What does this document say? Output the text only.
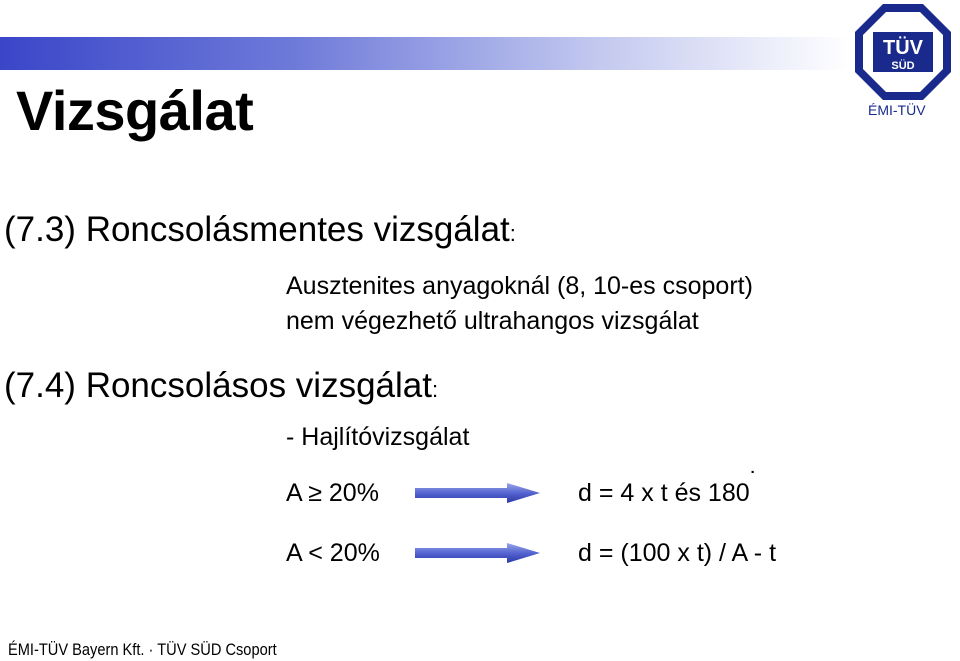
Vizsgálat
TÜV
SÜD
ÉMI-TÜV
(7.3) Roncsolásmentes vizsgálat:
Ausztenites anyagoknál (8, 10-es csoport)
nem végezhető ultrahangos vizsgálat
(7.4) Roncsolásos vizsgálat:
- Hajlítóvizsgálat
A ≥ 20%	d = 4 x t és 180˙
A < 20%	d = (100 x t) / A - t
ÉMI-TÜV Bayern Kft. · TÜV SÜD Csoport
